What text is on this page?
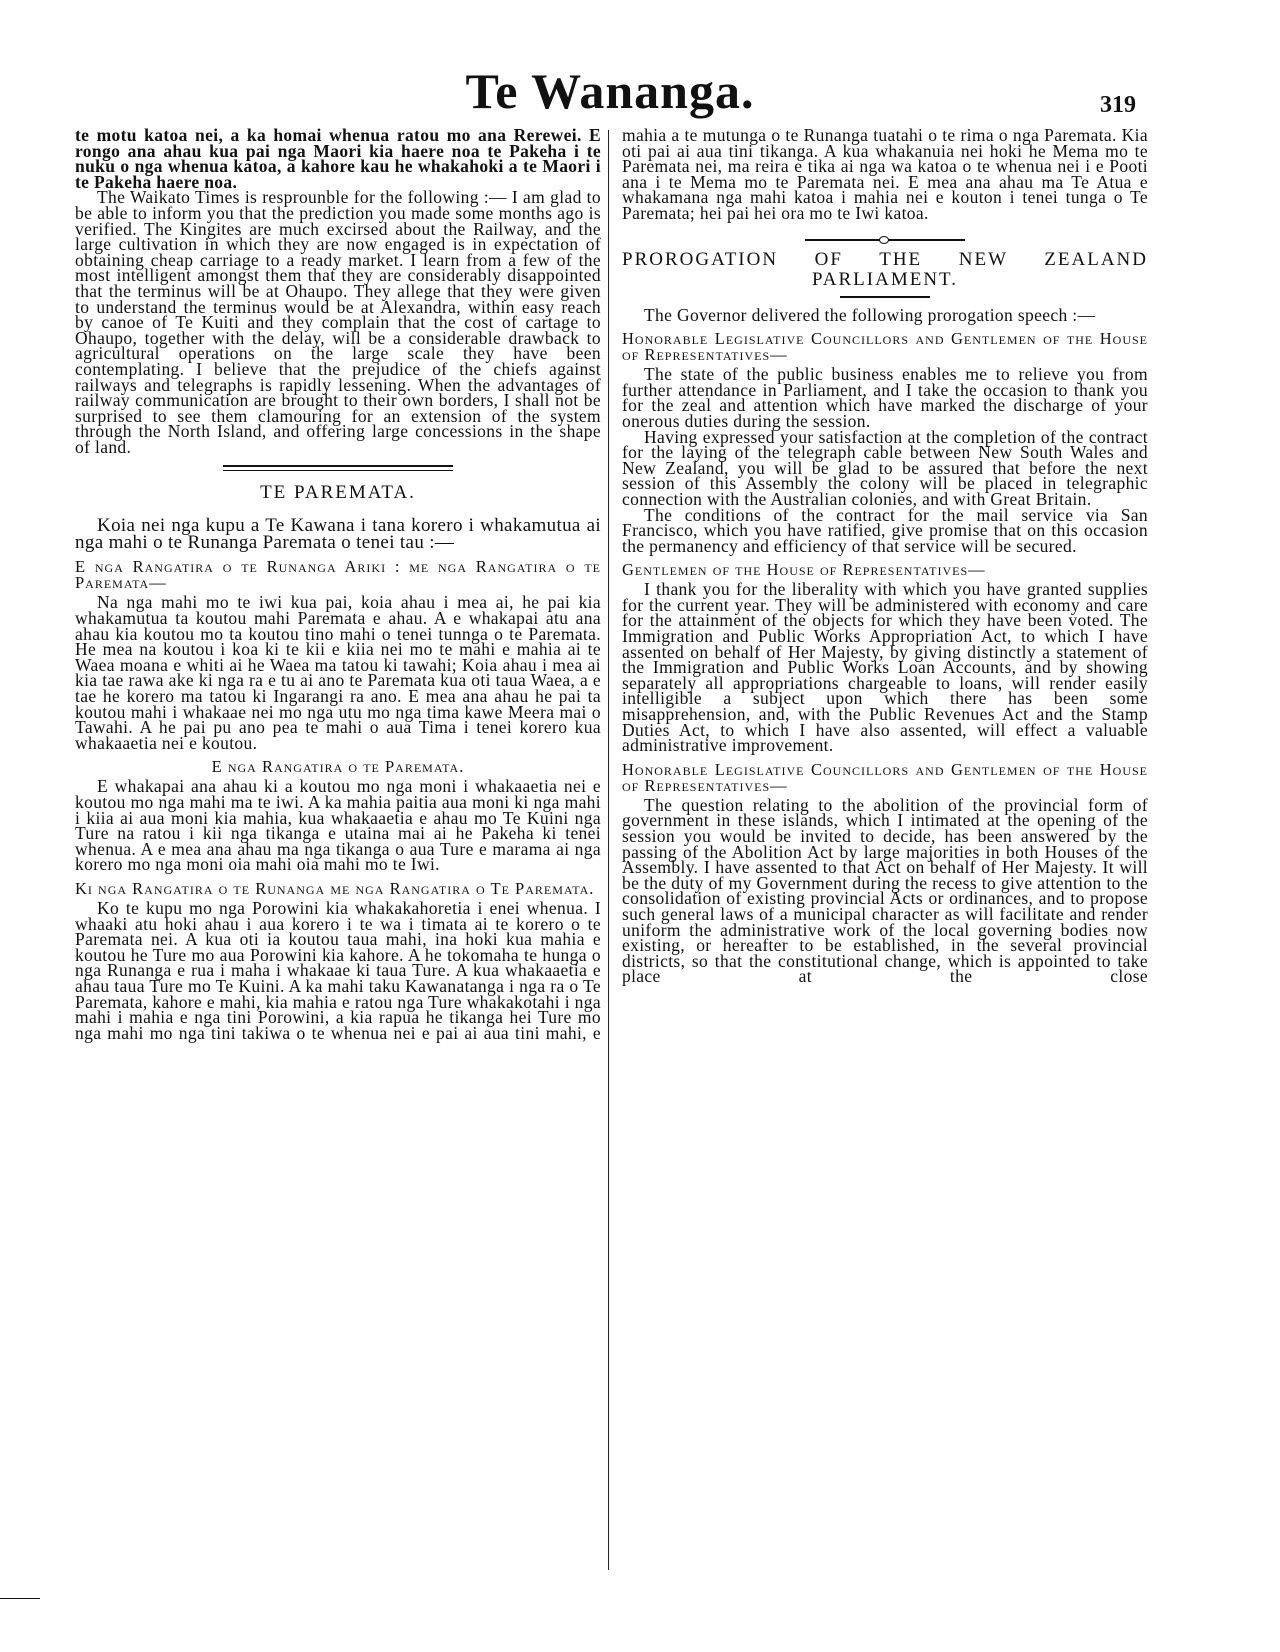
Te Wananga.	319

te motu katoa nei, a ka homai whenua ratou mo ana Rerewei. E rongo ana ahau kua pai nga Maori kia haere noa te Pakeha i te nuku o nga whenua katoa, a kahore kau he whakahoki a te Maori i te Pakeha haere noa.

The Waikato Times is resprounble for the following :— I am glad to be able to inform you that the prediction you made some months ago is verified. The Kingites are much excirsed about the Railway, and the large cultivation in which they are now engaged is in expectation of obtaining cheap carriage to a ready market. I learn from a few of the most intelligent amongst them that they are considerably disappointed that the terminus will be at Ohaupo. They allege that they were given to understand the terminus would be at Alexandra, within easy reach by canoe of Te Kuiti and they complain that the cost of cartage to Ohaupo, together with the delay, will be a considerable drawback to agricultural operations on the large scale they have been contemplating. I believe that the prejudice of the chiefs against railways and telegraphs is rapidly lessening. When the advantages of railway communication are brought to their own borders, I shall not be surprised to see them clamouring for an extension of the system through the North Island, and offering large concessions in the shape of land.

TE PAREMATA.

Koia nei nga kupu a Te Kawana i tana korero i whakamutua ai nga mahi o te Runanga Paremata o tenei tau :—

E nga Rangatira o te Runanga Ariki : me nga Rangatira o te Paremata—

Na nga mahi mo te iwi kua pai, koia ahau i mea ai, he pai kia whakamutua ta koutou mahi Paremata e ahau. A e whakapai atu ana ahau kia koutou mo ta koutou tino mahi o tenei tunnga o te Paremata. He mea na koutou i koa ki te kii e kiia nei mo te mahi e mahia ai te Waea moana e whiti ai he Waea ma tatou ki tawahi; Koia ahau i mea ai kia tae rawa ake ki nga ra e tu ai ano te Paremata kua oti taua Waea, a e tae he korero ma tatou ki Ingarangi ra ano. E mea ana ahau he pai ta koutou mahi i whakaae nei mo nga utu mo nga tima kawe Meera mai o Tawahi. A he pai pu ano pea te mahi o aua Tima i tenei korero kua whakaaetia nei e koutou.

E nga Rangatira o te Paremata.

E whakapai ana ahau ki a koutou mo nga moni i whakaaetia nei e koutou mo nga mahi ma te iwi. A ka mahia paitia aua moni ki nga mahi i kiia ai aua moni kia mahia, kua whakaaetia e ahau mo Te Kuini nga Ture na ratou i kii nga tikanga e utaina mai ai he Pakeha ki tenei whenua. A e mea ana ahau ma nga tikanga o aua Ture e marama ai nga korero mo nga moni oia mahi oia mahi mo te Iwi.

Ki nga Rangatira o te Runanga me nga Rangatira o Te Paremata.

Ko te kupu mo nga Porowini kia whakakahoretia i enei whenua. I whaaki atu hoki ahau i aua korero i te wa i timata ai te korero o te Paremata nei. A kua oti ia koutou taua mahi, ina hoki kua mahia e koutou he Ture mo aua Porowini kia kahore. A he tokomaha te hunga o nga Runanga e rua i maha i whakaae ki taua Ture. A kua whakaaetia e ahau taua Ture mo Te Kuini. A ka mahi taku Kawanatanga i nga ra o Te Paremata, kahore e mahi, kia mahia e ratou nga Ture whakakotahi i nga mahi i mahia e nga tini Porowini, a kia rapua he tikanga hei Ture mo nga mahi mo nga tini takiwa o te whenua nei e pai ai aua tini mahi, e

mahia a te mutunga o te Runanga tuatahi o te rima o nga Paremata. Kia oti pai ai aua tini tikanga. A kua whakanuia nei hoki he Mema mo te Paremata nei, ma reira e tika ai nga wa katoa o te whenua nei i e Pooti ana i te Mema mo te Paremata nei. E mea ana ahau ma Te Atua e whakamana nga mahi katoa i mahia nei e kouton i tenei tunga o Te Paremata; hei pai hei ora mo te Iwi katoa.

PROROGATION OF THE NEW ZEALAND
PARLIAMENT.

The Governor delivered the following prorogation speech :—

Honorable Legislative Councillors and Gentlemen of the House of Representatives—

The state of the public business enables me to relieve you from further attendance in Parliament, and I take the occasion to thank you for the zeal and attention which have marked the discharge of your onerous duties during the session.

Having expressed your satisfaction at the completion of the contract for the laying of the telegraph cable between New South Wales and New Zealand, you will be glad to be assured that before the next session of this Assembly the colony will be placed in telegraphic connection with the Australian colonies, and with Great Britain.

The conditions of the contract for the mail service via San Francisco, which you have ratified, give promise that on this occasion the permanency and efficiency of that service will be secured.

Gentlemen of the House of Representatives—

I thank you for the liberality with which you have granted supplies for the current year. They will be administered with economy and care for the attainment of the objects for which they have been voted. The Immigration and Public Works Appropriation Act, to which I have assented on behalf of Her Majesty, by giving distinctly a statement of the Immigration and Public Works Loan Accounts, and by showing separately all appropriations chargeable to loans, will render easily intelligible a subject upon which there has been some misapprehension, and, with the Public Revenues Act and the Stamp Duties Act, to which I have also assented, will effect a valuable administrative improvement.

Honorable Legislative Councillors and Gentlemen of the House of Representatives—

The question relating to the abolition of the provincial form of government in these islands, which I intimated at the opening of the session you would be invited to decide, has been answered by the passing of the Abolition Act by large majorities in both Houses of the Assembly. I have assented to that Act on behalf of Her Majesty. It will be the duty of my Government during the recess to give attention to the consolidation of existing provincial Acts or ordinances, and to propose such general laws of a municipal character as will facilitate and render uniform the administrative work of the local governing bodies now existing, or hereafter to be established, in the several provincial districts, so that the constitutional change, which is appointed to take place at the close
